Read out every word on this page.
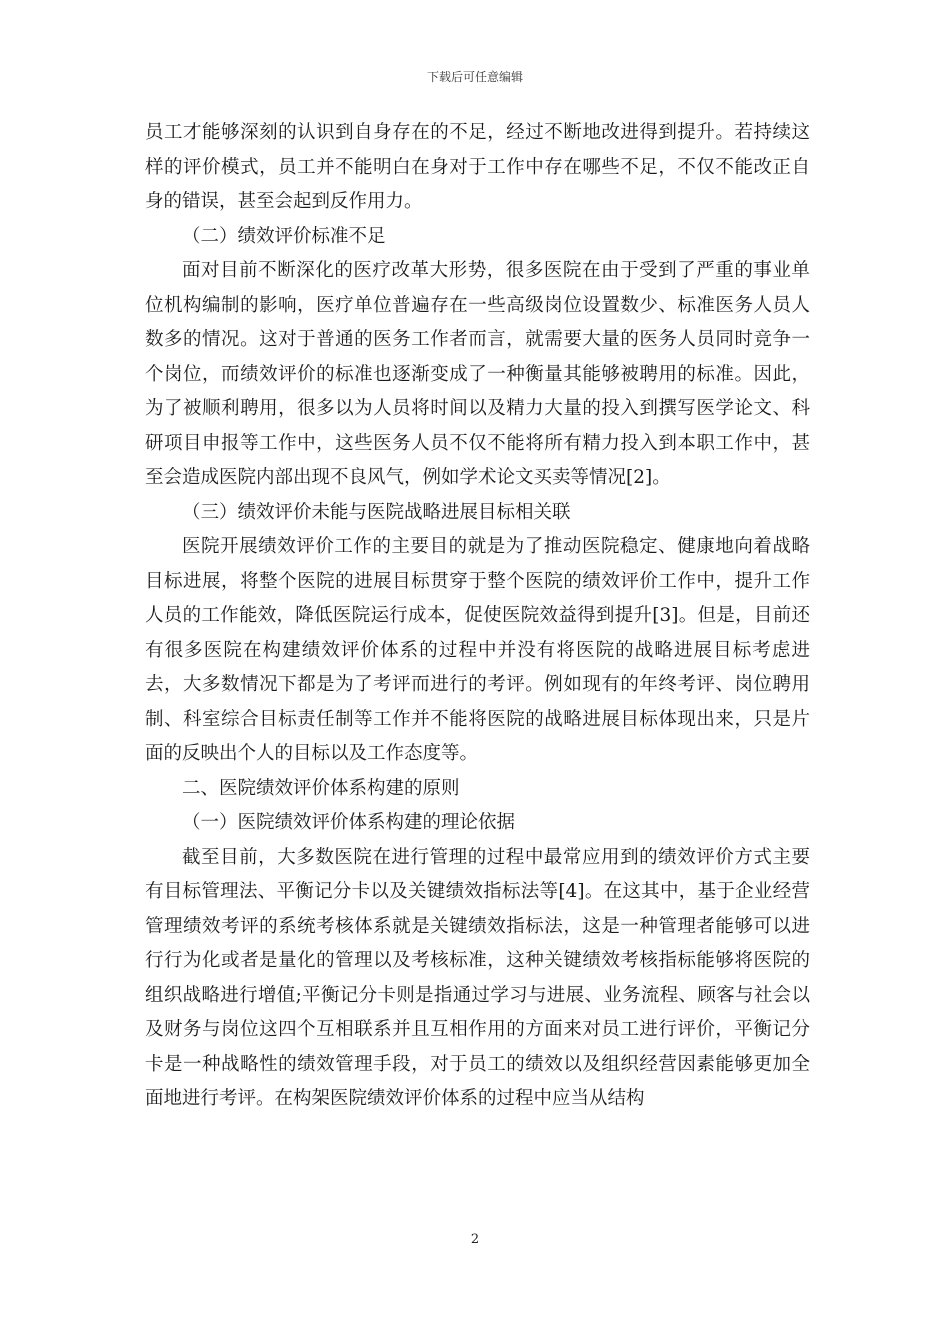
下载后可任意编辑

员工才能够深刻的认识到自身存在的不足，经过不断地改进得到提升。若持续这样的评价模式，员工并不能明白在身对于工作中存在哪些不足，不仅不能改正自身的错误，甚至会起到反作用力。

（二）绩效评价标准不足

面对目前不断深化的医疗改革大形势，很多医院在由于受到了严重的事业单位机构编制的影响，医疗单位普遍存在一些高级岗位设置数少、标准医务人员人数多的情况。这对于普通的医务工作者而言，就需要大量的医务人员同时竞争一个岗位，而绩效评价的标准也逐渐变成了一种衡量其能够被聘用的标准。因此，为了被顺利聘用，很多以为人员将时间以及精力大量的投入到撰写医学论文、科研项目申报等工作中，这些医务人员不仅不能将所有精力投入到本职工作中，甚至会造成医院内部出现不良风气，例如学术论文买卖等情况[2]。

（三）绩效评价未能与医院战略进展目标相关联

医院开展绩效评价工作的主要目的就是为了推动医院稳定、健康地向着战略目标进展，将整个医院的进展目标贯穿于整个医院的绩效评价工作中，提升工作人员的工作能效，降低医院运行成本，促使医院效益得到提升[3]。但是，目前还有很多医院在构建绩效评价体系的过程中并没有将医院的战略进展目标考虑进去，大多数情况下都是为了考评而进行的考评。例如现有的年终考评、岗位聘用制、科室综合目标责任制等工作并不能将医院的战略进展目标体现出来，只是片面的反映出个人的目标以及工作态度等。

二、医院绩效评价体系构建的原则

（一）医院绩效评价体系构建的理论依据

截至目前，大多数医院在进行管理的过程中最常应用到的绩效评价方式主要有目标管理法、平衡记分卡以及关键绩效指标法等[4]。在这其中，基于企业经营管理绩效考评的系统考核体系就是关键绩效指标法，这是一种管理者能够可以进行行为化或者是量化的管理以及考核标准，这种关键绩效考核指标能够将医院的组织战略进行增值;平衡记分卡则是指通过学习与进展、业务流程、顾客与社会以及财务与岗位这四个互相联系并且互相作用的方面来对员工进行评价，平衡记分卡是一种战略性的绩效管理手段，对于员工的绩效以及组织经营因素能够更加全面地进行考评。在构架医院绩效评价体系的过程中应当从结构

2
